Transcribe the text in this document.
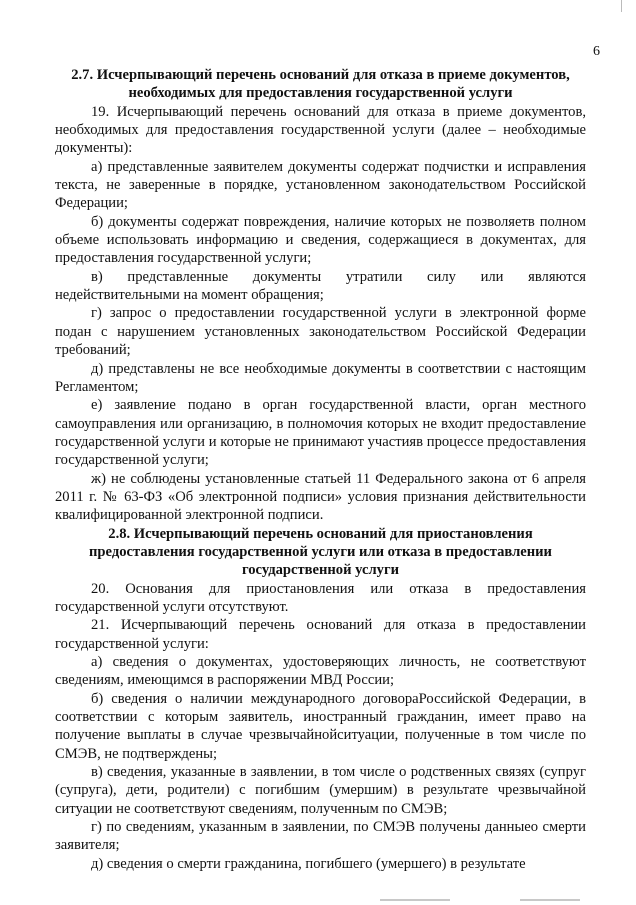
6

2.7. Исчерпывающий перечень оснований для отказа в приеме документов, необходимых для предоставления государственной услуги

19. Исчерпывающий перечень оснований для отказа в приеме документов, необходимых для предоставления государственной услуги (далее – необходимые документы):

а) представленные заявителем документы содержат подчистки и исправления текста, не заверенные в порядке, установленном законодательством Российской Федерации;

б) документы содержат повреждения, наличие которых не позволяетв полном объеме использовать информацию и сведения, содержащиеся в документах, для предоставления государственной услуги;

в) представленные документы утратили силу или являются недействительными на момент обращения;

г) запрос о предоставлении государственной услуги в электронной форме подан с нарушением установленных законодательством Российской Федерации требований;

д) представлены не все необходимые документы в соответствии с настоящим Регламентом;

е) заявление подано в орган государственной власти, орган местного самоуправления или организацию, в полномочия которых не входит предоставление государственной услуги и которые не принимают участияв процессе предоставления государственной услуги;

ж) не соблюдены установленные статьей 11 Федерального закона от 6 апреля 2011 г. № 63-ФЗ «Об электронной подписи» условия признания действительности квалифицированной электронной подписи.

2.8. Исчерпывающий перечень оснований для приостановления предоставления государственной услуги или отказа в предоставлении государственной услуги

20. Основания для приостановления или отказа в предоставления государственной услуги отсутствуют.

21. Исчерпывающий перечень оснований для отказа в предоставлении государственной услуги:

а) сведения о документах, удостоверяющих личность, не соответствуют сведениям, имеющимся в распоряжении МВД России;

б) сведения о наличии международного договораРоссийской Федерации, в соответствии с которым заявитель, иностранный гражданин, имеет право на получение выплаты в случае чрезвычайнойситуации, полученные в том числе по СМЭВ, не подтверждены;

в) сведения, указанные в заявлении, в том числе о родственных связях (супруг (супруга), дети, родители) с погибшим (умершим) в результате чрезвычайной ситуации не соответствуют сведениям, полученным по СМЭВ;

г) по сведениям, указанным в заявлении, по СМЭВ получены данныео смерти заявителя;

д) сведения о смерти гражданина, погибшего (умершего) в результате
